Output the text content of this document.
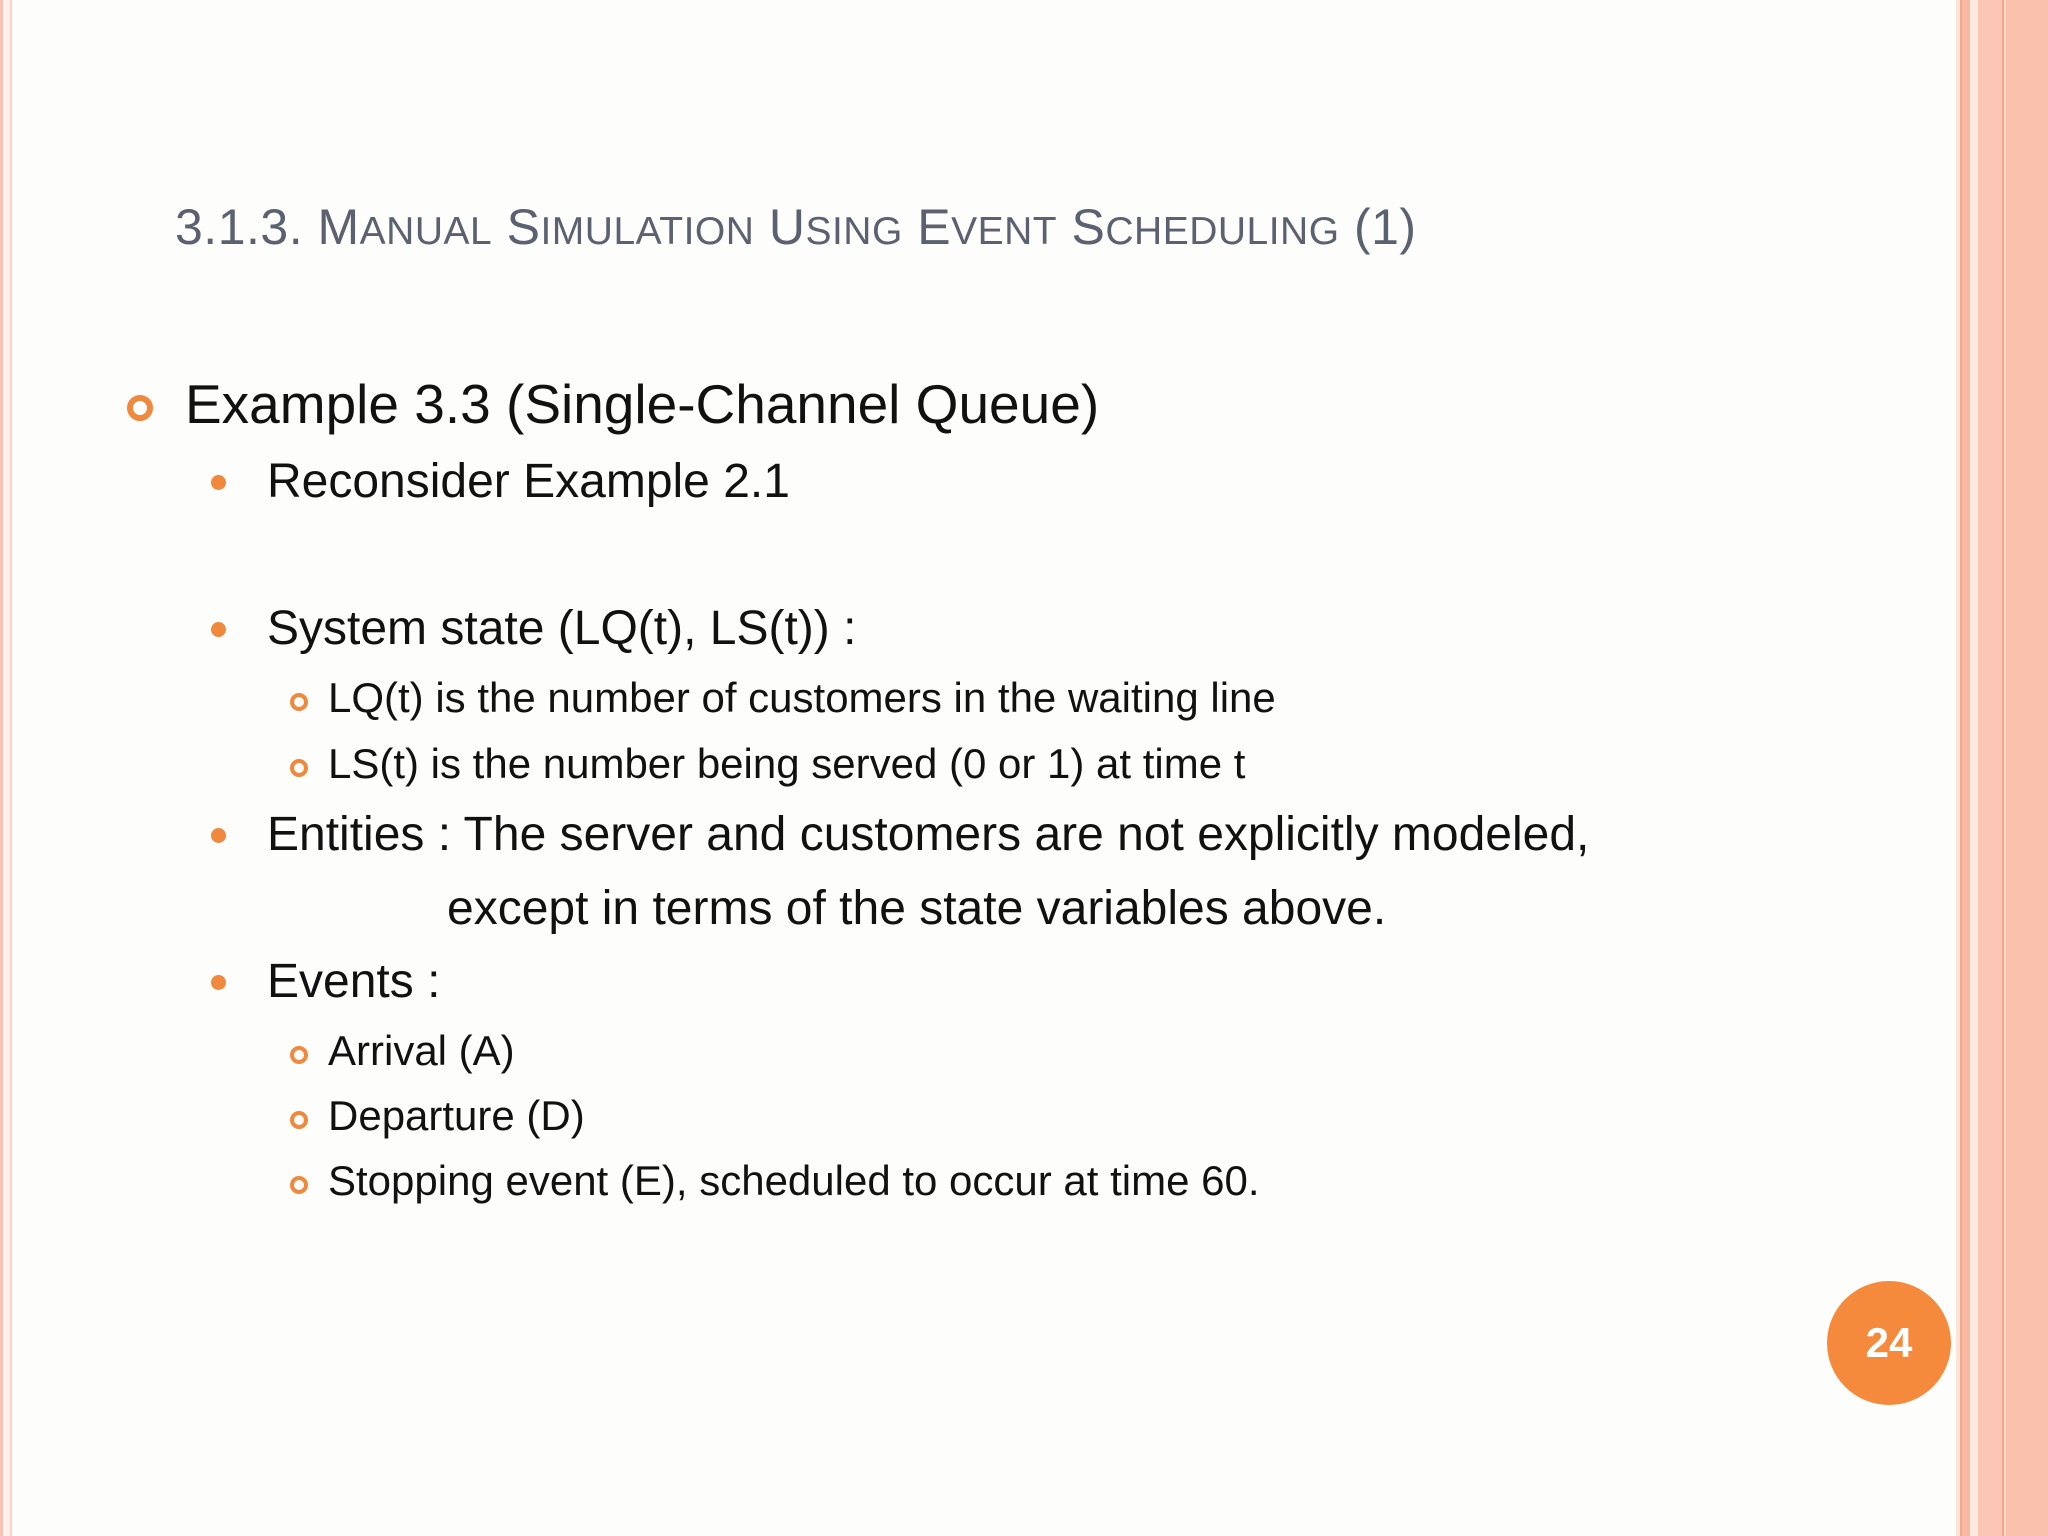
3.1.3. MANUAL SIMULATION USING EVENT SCHEDULING (1)
Example 3.3 (Single-Channel Queue)
Reconsider Example 2.1
System state (LQ(t), LS(t)) :
LQ(t) is the number of customers in the waiting line
LS(t) is the number being served (0 or 1) at time t
Entities : The server and customers are not explicitly modeled,
except in terms of the state variables above.
Events :
Arrival (A)
Departure (D)
Stopping event (E), scheduled to occur at time 60.
24
